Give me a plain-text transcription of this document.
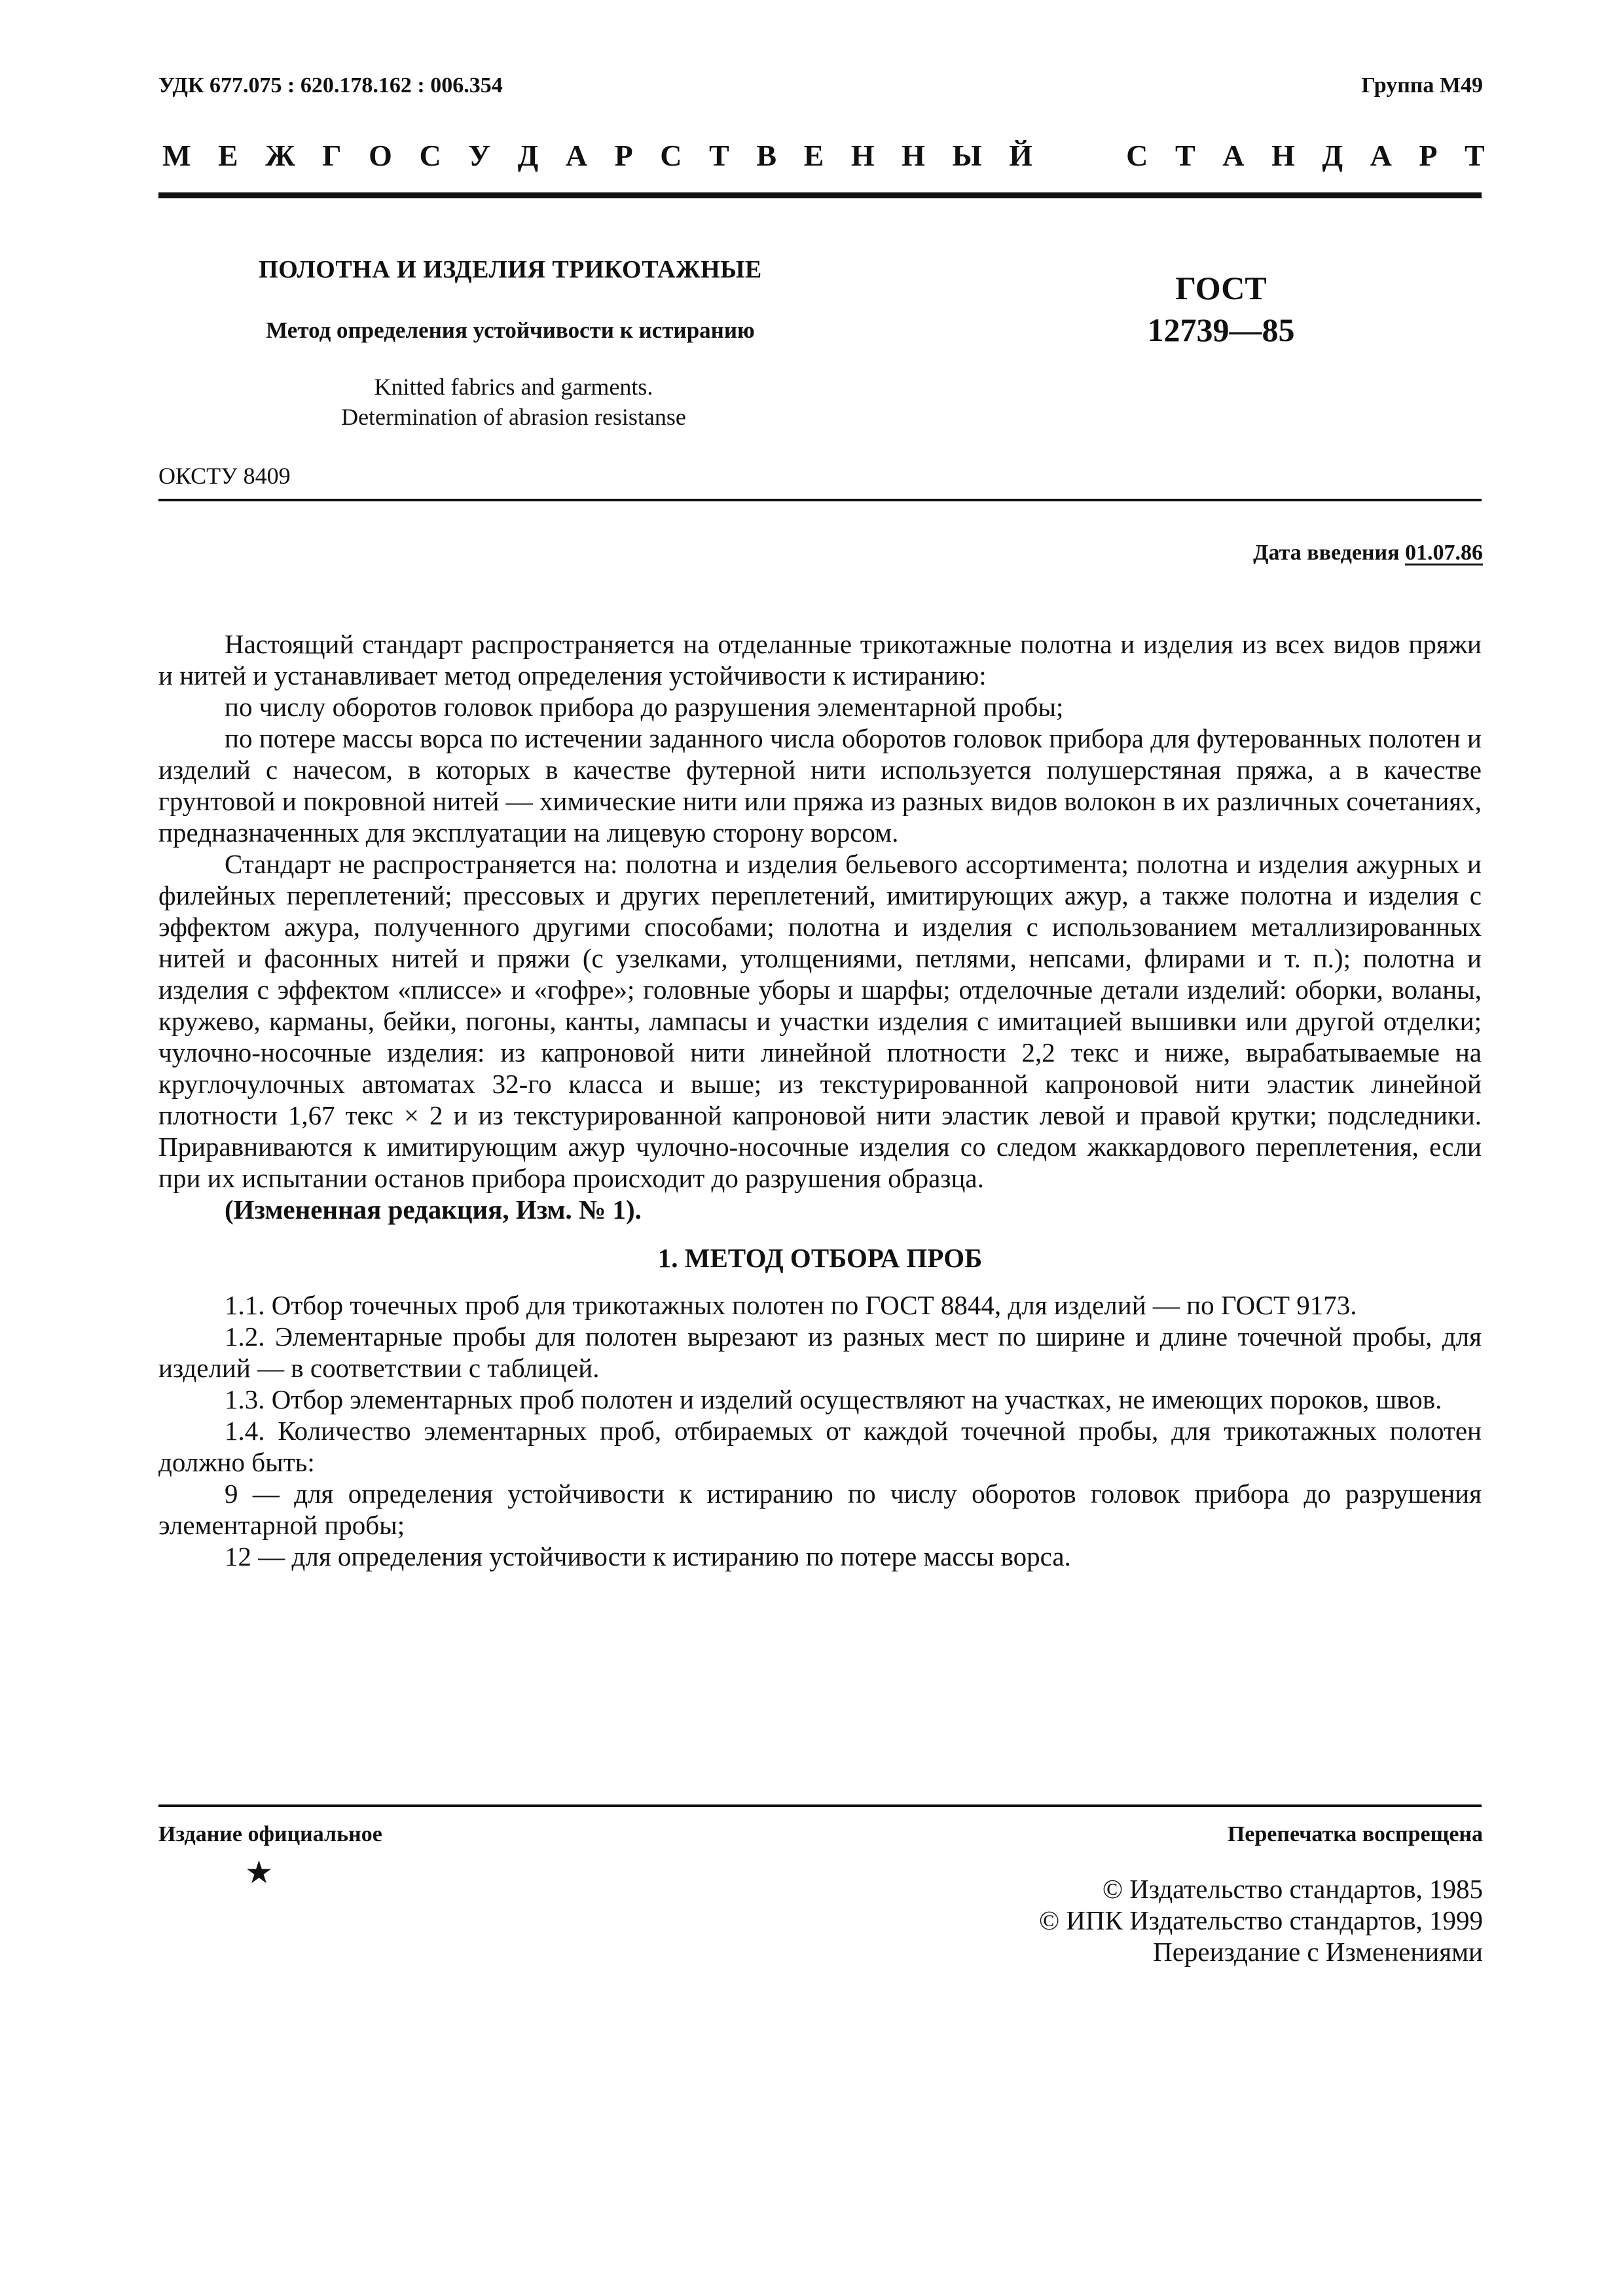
УДК 677.075 : 620.178.162 : 006.354	Группа М49
М Е Ж Г О С У Д А Р С Т В Е Н Н Ы Й	С Т А Н Д А Р Т
ПОЛОТНА И ИЗДЕЛИЯ ТРИКОТАЖНЫЕ
Метод определения устойчивости к истиранию
Knitted fabrics and garments.
Determination of abrasion resistanse
ГОСТ
12739—85
ОКСТУ 8409
Дата введения 01.07.86

Настоящий стандарт распространяется на отделанные трикотажные полотна и изделия из всех видов пряжи и нитей и устанавливает метод определения устойчивости к истиранию:

по числу оборотов головок прибора до разрушения элементарной пробы;

по потере массы ворса по истечении заданного числа оборотов головок прибора для футерованных полотен и изделий с начесом, в которых в качестве футерной нити используется полушерстяная пряжа, а в качестве грунтовой и покровной нитей — химические нити или пряжа из разных видов волокон в их различных сочетаниях, предназначенных для эксплуатации на лицевую сторону ворсом.

Стандарт не распространяется на: полотна и изделия бельевого ассортимента; полотна и изделия ажурных и филейных переплетений; прессовых и других переплетений, имитирующих ажур, а также полотна и изделия с эффектом ажура, полученного другими способами; полотна и изделия с использованием металлизированных нитей и фасонных нитей и пряжи (с узелками, утолщениями, петлями, непсами, флирами и т. п.); полотна и изделия с эффектом «плиссе» и «гофре»; головные уборы и шарфы; отделочные детали изделий: оборки, воланы, кружево, карманы, бейки, погоны, канты, лампасы и участки изделия с имитацией вышивки или другой отделки; чулочно-носочные изделия: из капроновой нити линейной плотности 2,2 текс и ниже, вырабатываемые на круглочулочных автоматах 32-го класса и выше; из текстурированной капроновой нити эластик линейной плотности 1,67 текс × 2 и из текстурированной капроновой нити эластик левой и правой крутки; подследники. Приравниваются к имитирующим ажур чулочно-носочные изделия со следом жаккардового переплетения, если при их испытании останов прибора происходит до разрушения образца.

(Измененная редакция, Изм. № 1).

1. МЕТОД ОТБОРА ПРОБ

1.1. Отбор точечных проб для трикотажных полотен по ГОСТ 8844, для изделий — по ГОСТ 9173.

1.2. Элементарные пробы для полотен вырезают из разных мест по ширине и длине точечной пробы, для изделий — в соответствии с таблицей.

1.3. Отбор элементарных проб полотен и изделий осуществляют на участках, не имеющих пороков, швов.

1.4. Количество элементарных проб, отбираемых от каждой точечной пробы, для трикотажных полотен должно быть:

9 — для определения устойчивости к истиранию по числу оборотов головок прибора до разрушения элементарной пробы;

12 — для определения устойчивости к истиранию по потере массы ворса.

Издание официальное	Перепечатка воспрещена
★	© Издательство стандартов, 1985
© ИПК Издательство стандартов, 1999
Переиздание с Изменениями
